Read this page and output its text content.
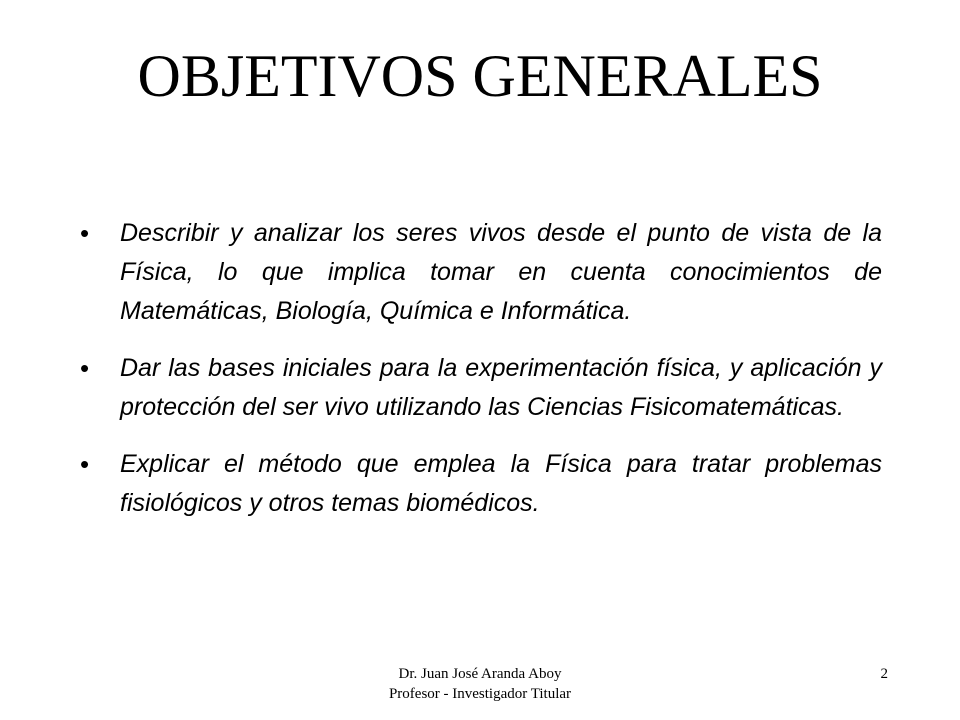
OBJETIVOS GENERALES
• Describir y analizar los seres vivos desde el punto de vista de la Física, lo que implica tomar en cuenta conocimientos de Matemáticas, Biología, Química e Informática.

• Dar las bases iniciales para la experimentación física, y aplicación y protección del ser vivo utilizando las Ciencias Fisicomatemáticas.

• Explicar el método que emplea la Física para tratar problemas fisiológicos y otros temas biomédicos.

Dr. Juan José Aranda Aboy
Profesor - Investigador Titular
2
